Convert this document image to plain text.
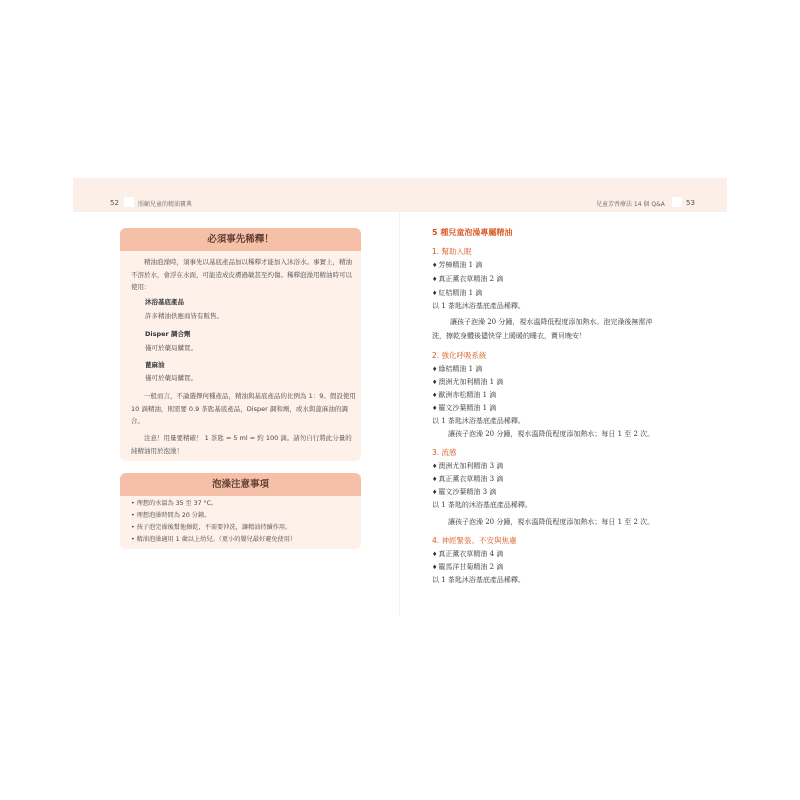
52	照顧兒童的精油寶典	兒童芳香療法 14 個 Q&A	53
必須事先稀釋！

精油泡澡時，須事先以基底產品加以稀釋才能加入沐浴水。事實上，精油不溶於水，會浮在水面，可能造成皮膚過敏甚至灼傷。稀釋泡澡用精油時可以使用：

沐浴基底產品
許多精油供應商皆有販售。
Disper 調合劑
僅可於藥局購買。
蓖麻油
僅可於藥局購買。

一般而言，不論選擇何種產品，精油與基底產品的比例為 1：9。假設使用 10 滴精油，則需要 0.9 茶匙基底產品，Disper 調和劑，或水與蓖麻油的調合。

注意！用量要精確！ 1 茶匙 = 5 ml = 約 100 滴。請勿自行將此分量的純精油用於泡澡！

泡澡注意事項
• 理想的水溫為 35 至 37 °C。
• 理想泡澡時間為 20 分鐘。
• 孩子泡完澡後幫他擦乾，不需要沖洗，讓精油持續作用。
• 精油泡澡適用 1 歲以上幼兒。（更小的嬰兒最好避免使用）
5 種兒童泡澡專屬精油
1. 幫助入眠
♦ 芳樟精油 1 滴
♦ 真正薰衣草精油 2 滴
♦ 紅桔精油 1 滴
以 1 茶匙沐浴基底產品稀釋。
讓孩子泡澡 20 分鐘，視水溫降低程度添加熱水。泡完澡後無需沖洗，擦乾身體後儘快穿上暖暖的睡衣，寶貝晚安！
2. 強化呼吸系統
♦ 綠桔精油 1 滴
♦ 澳洲尤加利精油 1 滴
♦ 歐洲赤松精油 1 滴
♦ 羅文沙葉精油 1 滴
以 1 茶匙沐浴基底產品稀釋。
讓孩子泡澡 20 分鐘，視水溫降低程度添加熱水；每日 1 至 2 次。
3. 流感
♦ 澳洲尤加利精油 3 滴
♦ 真正薰衣草精油 3 滴
♦ 羅文沙葉精油 3 滴
以 1 茶匙的沐浴基底產品稀釋。
讓孩子泡澡 20 分鐘，視水溫降低程度添加熱水；每日 1 至 2 次。
4. 神經緊張、不安與焦慮
♦ 真正薰衣草精油 4 滴
♦ 羅馬洋甘菊精油 2 滴
以 1 茶匙沐浴基底產品稀釋。
